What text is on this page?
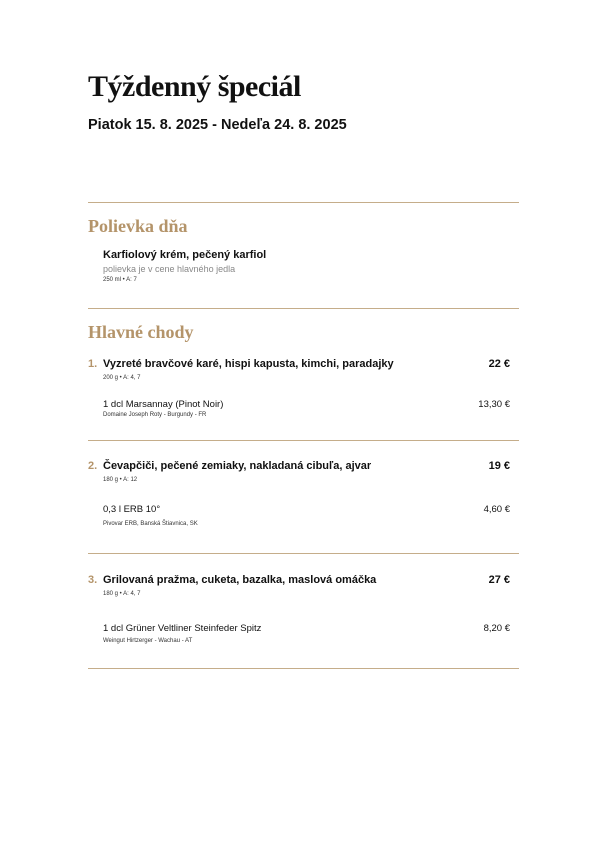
Týždenný špeciál
Piatok 15. 8. 2025 - Nedeľa 24. 8. 2025
Polievka dňa
Karfiolový krém, pečený karfiol
polievka je v cene hlavného jedla
250 ml • A: 7
Hlavné chody
1. Vyzreté bravčové karé, hispi kapusta, kimchi, paradajky	22 €
200 g • A: 4, 7
1 dcl Marsannay (Pinot Noir)
Domaine Joseph Roty - Burgundy - FR
13,30 €
2. Čevapčiči, pečené zemiaky, nakladaná cibuľa, ajvar	19 €
180 g • A: 12
0,3 l ERB 10°
Pivovar ERB, Banská Štiavnica, SK
4,60 €
3. Grilovaná pražma, cuketa, bazalka, maslová omáčka	27 €
180 g • A: 4, 7
1 dcl Grüner Veltliner Steinfeder Spitz
Weingut Hirtzerger - Wachau - AT
8,20 €
